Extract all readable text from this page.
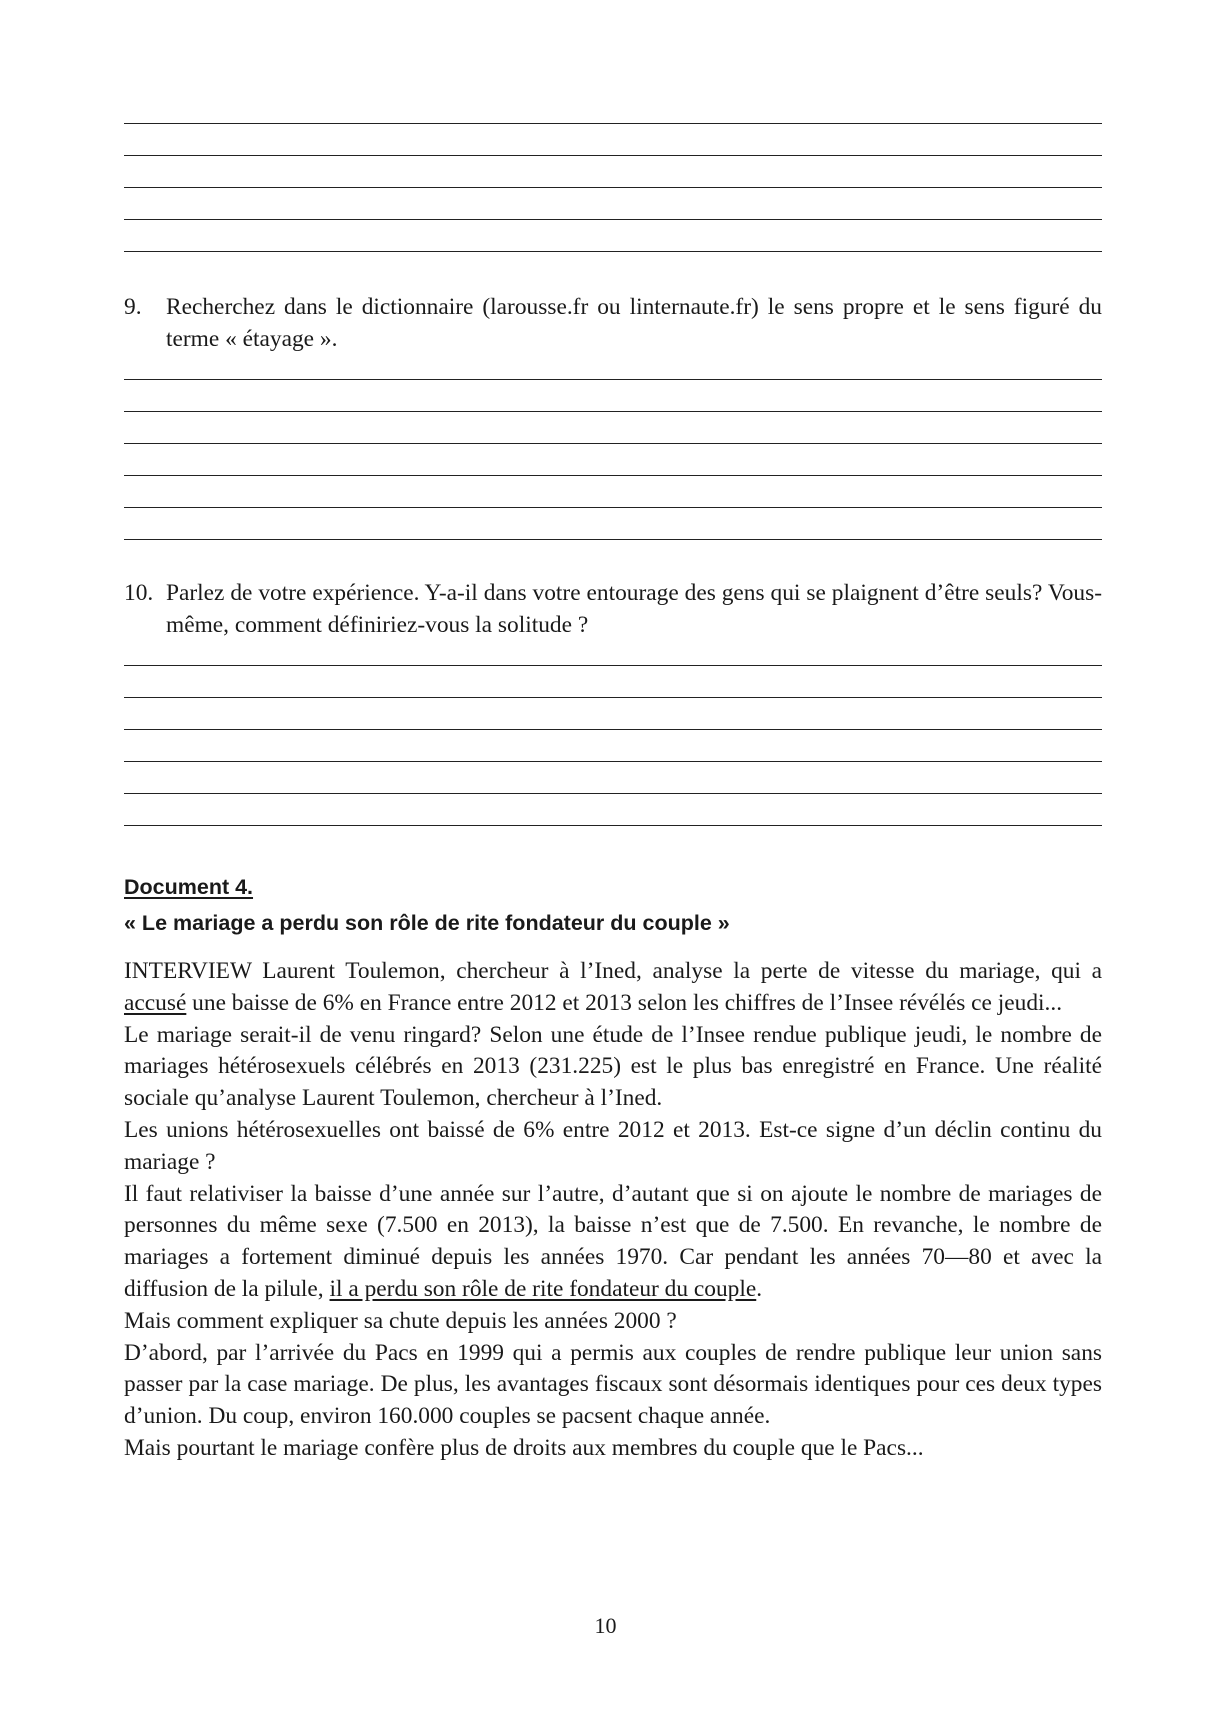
9. Recherchez dans le dictionnaire (larousse.fr ou linternaute.fr) le sens propre et le sens figuré du terme « étayage ».
10. Parlez de votre expérience. Y-a-il dans votre entourage des gens qui se plaignent d’être seuls? Vous-même, comment définiriez-vous la solitude ?
Document 4.
« Le mariage a perdu son rôle de rite fondateur du couple »

INTERVIEW Laurent Toulemon, chercheur à l’Ined, analyse la perte de vitesse du mariage, qui a accusé une baisse de 6% en France entre 2012 et 2013 selon les chiffres de l’Insee révélés ce jeudi...

Le mariage serait-il de venu ringard? Selon une étude de l’Insee rendue publique jeudi, le nombre de mariages hétérosexuels célébrés en 2013 (231.225) est le plus bas enregistré en France. Une réalité sociale qu’analyse Laurent Toulemon, chercheur à l’Ined.

Les unions hétérosexuelles ont baissé de 6% entre 2012 et 2013. Est-ce signe d’un déclin continu du mariage ?

Il faut relativiser la baisse d’une année sur l’autre, d’autant que si on ajoute le nombre de mariages de personnes du même sexe (7.500 en 2013), la baisse n’est que de 7.500. En revanche, le nombre de mariages a fortement diminué depuis les années 1970. Car pendant les années 70—80 et avec la diffusion de la pilule, il a perdu son rôle de rite fondateur du couple.

Mais comment expliquer sa chute depuis les années 2000 ?

D’abord, par l’arrivée du Pacs en 1999 qui a permis aux couples de rendre publique leur union sans passer par la case mariage. De plus, les avantages fiscaux sont désormais identiques pour ces deux types d’union. Du coup, environ 160.000 couples se pacsent chaque année.

Mais pourtant le mariage confère plus de droits aux membres du couple que le Pacs...

10
